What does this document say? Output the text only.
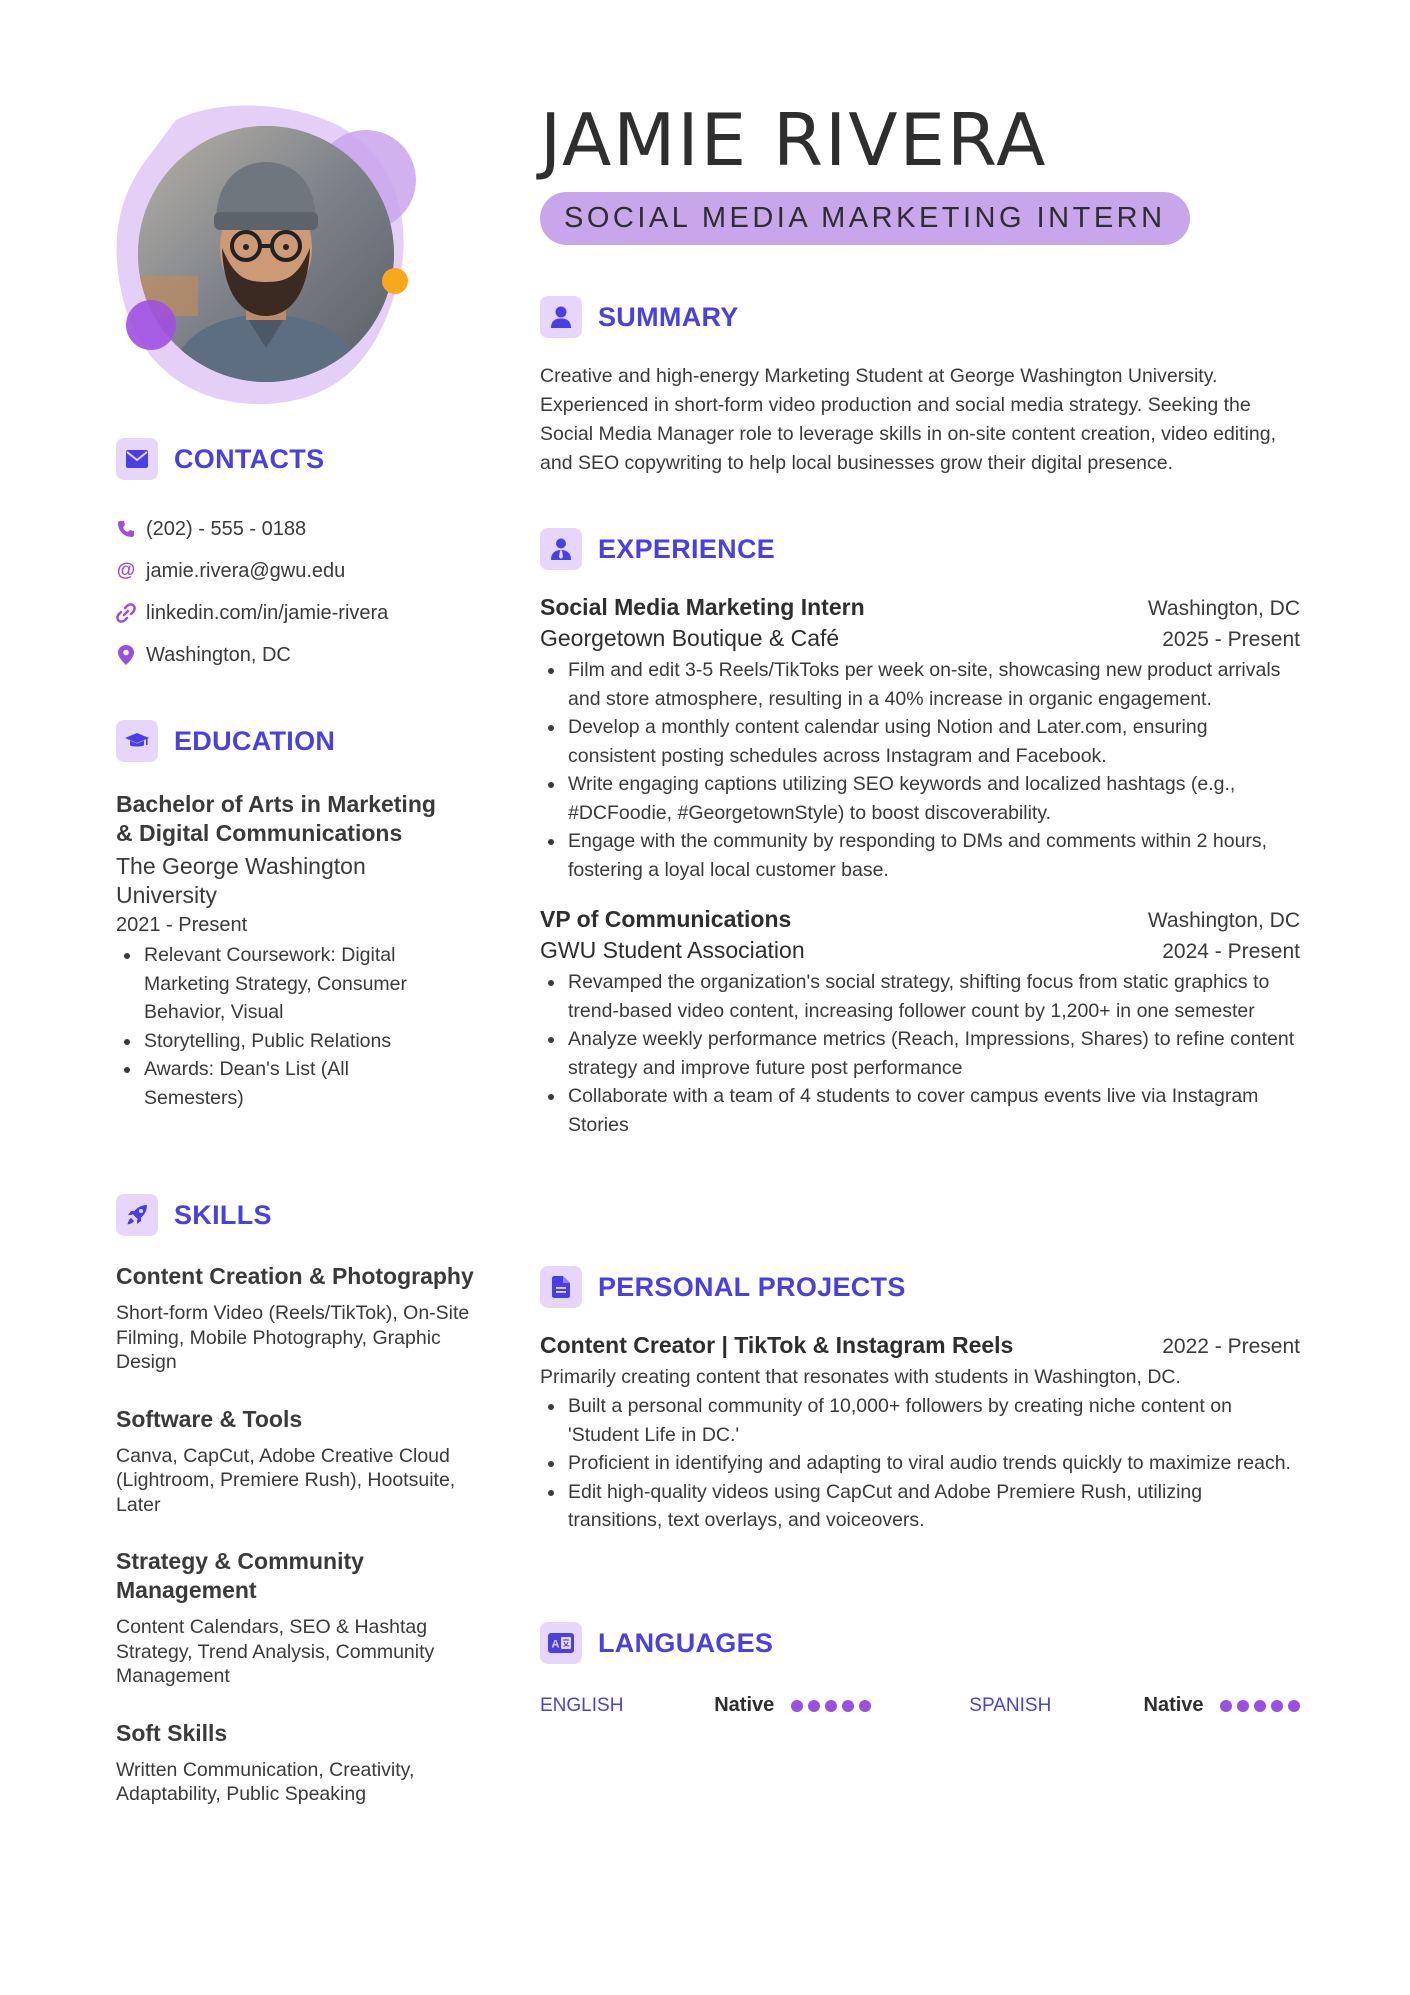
CONTACTS
(202) - 555 - 0188
@ jamie.rivera@gwu.edu
linkedin.com/in/jamie-rivera
Washington, DC
EDUCATION
Bachelor of Arts in Marketing & Digital Communications
The George Washington University
2021 - Present
Relevant Coursework: Digital Marketing Strategy, Consumer Behavior, Visual
Storytelling, Public Relations
Awards: Dean's List (All Semesters)
SKILLS
Content Creation & Photography
Short-form Video (Reels/TikTok), On-Site Filming, Mobile Photography, Graphic Design
Software & Tools
Canva, CapCut, Adobe Creative Cloud (Lightroom, Premiere Rush), Hootsuite, Later
Strategy & Community Management
Content Calendars, SEO & Hashtag Strategy, Trend Analysis, Community Management
Soft Skills
Written Communication, Creativity, Adaptability, Public Speaking
JAMIE RIVERA
SOCIAL MEDIA MARKETING INTERN
SUMMARY

Creative and high-energy Marketing Student at George Washington University. Experienced in short-form video production and social media strategy. Seeking the Social Media Manager role to leverage skills in on-site content creation, video editing, and SEO copywriting to help local businesses grow their digital presence.

EXPERIENCE
Social Media Marketing Intern	Washington, DC
Georgetown Boutique & Café	2025 - Present
Film and edit 3-5 Reels/TikToks per week on-site, showcasing new product arrivals and store atmosphere, resulting in a 40% increase in organic engagement.
Develop a monthly content calendar using Notion and Later.com, ensuring consistent posting schedules across Instagram and Facebook.
Write engaging captions utilizing SEO keywords and localized hashtags (e.g., #DCFoodie, #GeorgetownStyle) to boost discoverability.
Engage with the community by responding to DMs and comments within 2 hours, fostering a loyal local customer base.
VP of Communications	Washington, DC
GWU Student Association	2024 - Present
Revamped the organization's social strategy, shifting focus from static graphics to trend-based video content, increasing follower count by 1,200+ in one semester
Analyze weekly performance metrics (Reach, Impressions, Shares) to refine content strategy and improve future post performance
Collaborate with a team of 4 students to cover campus events live via Instagram Stories
PERSONAL PROJECTS
Content Creator | TikTok & Instagram Reels	2022 - Present

Primarily creating content that resonates with students in Washington, DC.

Built a personal community of 10,000+ followers by creating niche content on 'Student Life in DC.'
Proficient in identifying and adapting to viral audio trends quickly to maximize reach.
Edit high-quality videos using CapCut and Adobe Premiere Rush, utilizing transitions, text overlays, and voiceovers.
A LANGUAGES
ENGLISH	Native	SPANISH	Native
